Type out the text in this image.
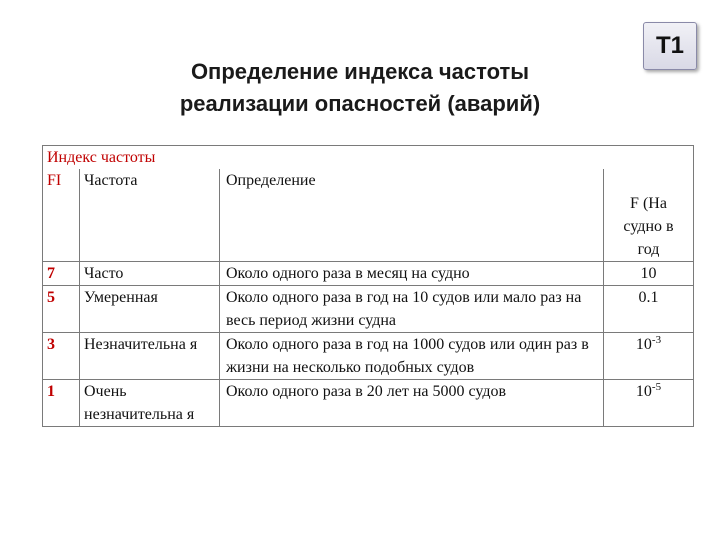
Определение индекса частоты
реализации опасностей (аварий)
Т1
Индекс частоты			
FI	Частота	Определение	F (На судно в год

7	Часто	Около одного раза в месяц на судно	10
5	Умеренная	Около одного раза в год на 10 судов или мало раз на весь период жизни судна	0.1
3	Незначительна я	Около одного раза в год на 1000 судов или один раз в жизни на несколько подобных судов	$10^{-3}$
1	Очень незначительна я	Около одного раза в 20 лет на 5000 судов	$10^{-5}$
